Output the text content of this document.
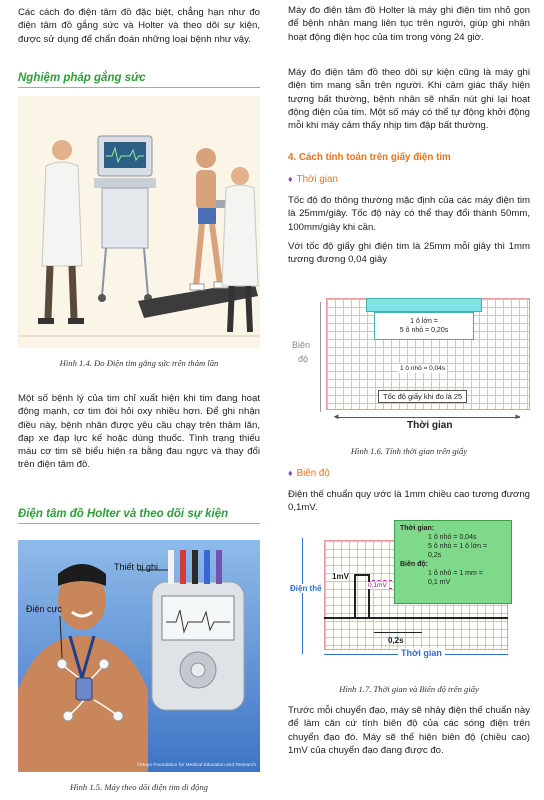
Các cách đo điện tâm đồ đặc biệt, chẳng hạn như đo điện tâm đồ gắng sức và Holter và theo dõi sự kiện, được sử dụng để chẩn đoán những loại bệnh như vậy.

Nghiệm pháp gắng sức
Hình 1.4. Đo Điện tim gắng sức trên thảm lăn

Một số bệnh lý của tim chỉ xuất hiện khi tim đang hoạt động mạnh, cơ tim đòi hỏi oxy nhiều hơn. Để ghi nhận điều này, bệnh nhân được yêu cầu chạy trên thảm lăn, đạp xe đạp lực kế hoặc dùng thuốc. Tình trạng thiếu máu cơ tim sẽ biểu hiện ra bằng đau ngực và thay đổi trên điện tâm đồ.

Điện tâm đồ Holter và theo dõi sự kiện
Thiết bị ghi
Điện cực
©Mayo Foundation for Medical Education and Research
Hình 1.5. Máy theo dõi điện tim di động

Máy đo điện tâm đồ Holter là máy ghi điện tim nhỏ gọn để bệnh nhân mang liên tục trên người, giúp ghi nhận hoạt động điện học của tim trong vòng 24 giờ.

Máy đo điện tâm đồ theo dõi sự kiện cũng là máy ghi điện tim mang sẵn trên người. Khi cảm giác thấy hiện tượng bất thường, bệnh nhân sẽ nhấn nút ghi lại hoạt động điện của tim. Một số máy có thể tự động khởi động mỗi khi máy cảm thấy nhịp tim đập bất thường.

4. Cách tính toán trên giấy điện tim
♦ Thời gian

Tốc độ đo thông thường mặc định của các máy điện tim là 25mm/giây. Tốc độ này có thể thay đổi thành 50mm, 100mm/giây khi cần.

Với tốc độ giấy ghi điện tim là 25mm mỗi giây thì 1mm tương đương 0,04 giây

Biên
độ
1 ô lớn =
5 ô nhỏ = 0,20s
1 ô nhỏ = 0,04s
Tốc độ giấy khi đo là 25
◄	►
Thời gian
Hình 1.6. Tính thời gian trên giấy
♦ Biên độ

Điện thế chuẩn quy ước là 1mm chiều cao tương đương 0,1mV.

Điện thế
1mV
0,1mV
0,2s
Thời gian:
1 ô nhỏ = 0,04s
5 ô nhỏ = 1 ô lớn =
0,2s
Biên độ:
1 ô nhỏ = 1 mm =
0,1 mV
Thời gian
Hình 1.7. Thời gian và Biên độ trên giấy

Trước mỗi chuyển đạo, máy sẽ nhảy điện thế chuẩn này để làm căn cứ tính biên độ của các sóng điện trên chuyển đạo đó. Máy sẽ thể hiện biên độ (chiều cao) 1mV của chuyển đạo đang được đo.
